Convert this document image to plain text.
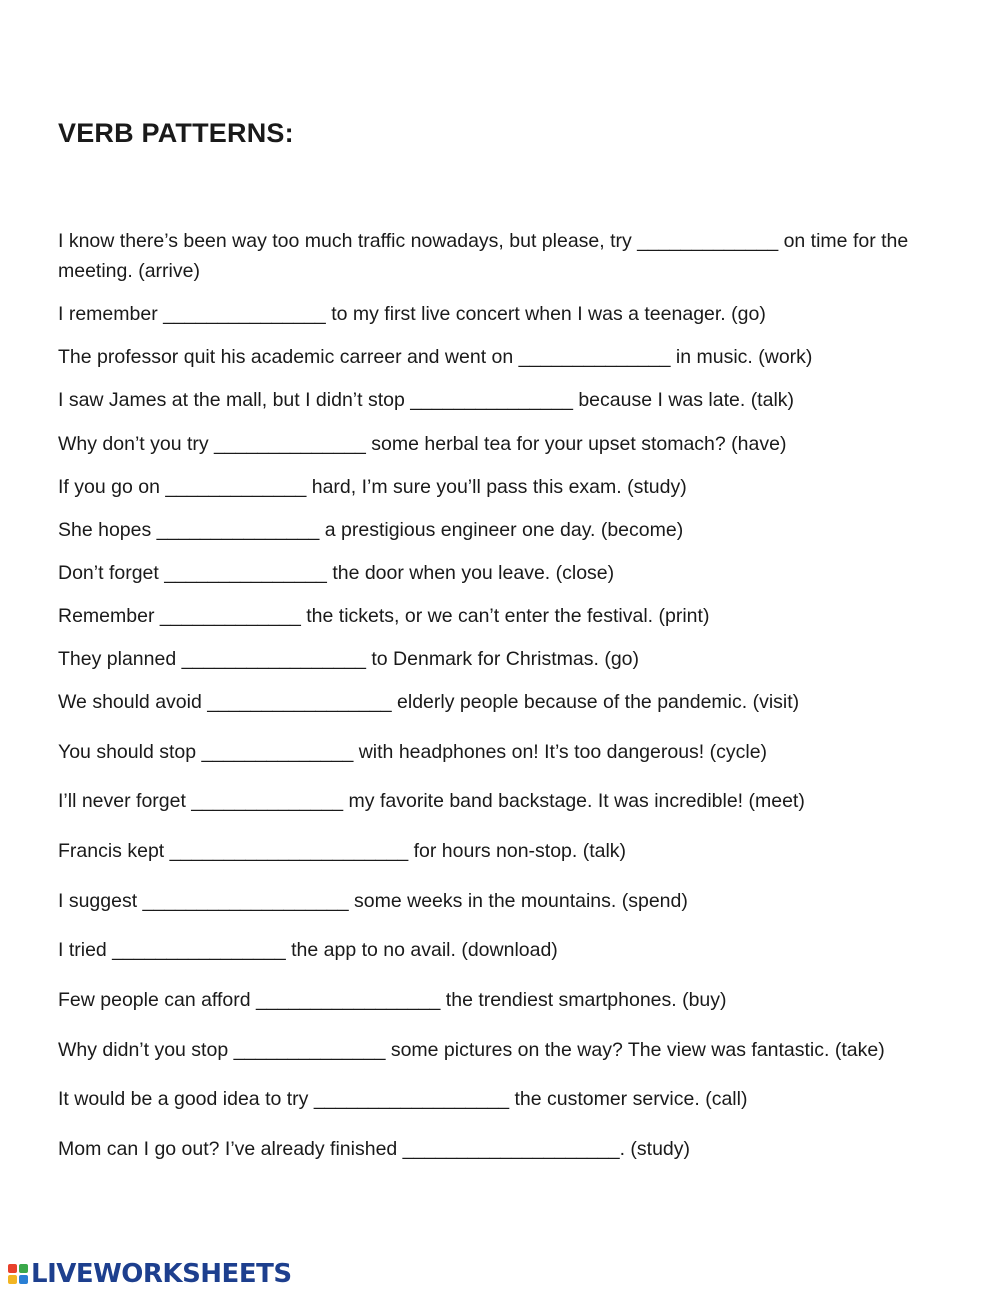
VERB PATTERNS:
I know there’s been way too much traffic nowadays, but please, try _____________ on time for the meeting. (arrive)
I remember _______________ to my first live concert when I was a teenager. (go)
The professor quit his academic carreer and went on ______________ in music. (work)
I saw James at the mall, but I didn’t stop _______________ because I was late. (talk)
Why don’t you try ______________ some herbal tea for your upset stomach? (have)
If you go on _____________ hard, I’m sure you’ll pass this exam. (study)
She hopes _______________ a prestigious engineer one day. (become)
Don’t forget _______________ the door when you leave. (close)
Remember _____________ the tickets, or we can’t enter the festival. (print)
They planned _________________ to Denmark for Christmas. (go)
We should avoid _________________ elderly people because of the pandemic. (visit)
You should stop ______________ with headphones on! It’s too dangerous! (cycle)
I’ll never forget ______________ my favorite band backstage. It was incredible! (meet)
Francis kept ______________________ for hours non-stop. (talk)
I suggest ___________________ some weeks in the mountains. (spend)
I tried ________________ the app to no avail. (download)
Few people can afford _________________ the trendiest smartphones. (buy)
Why didn’t you stop ______________ some pictures on the way? The view was fantastic. (take)
It would be a good idea to try __________________ the customer service. (call)
Mom can I go out? I’ve already finished ____________________. (study)
LIVEWORKSHEETS
